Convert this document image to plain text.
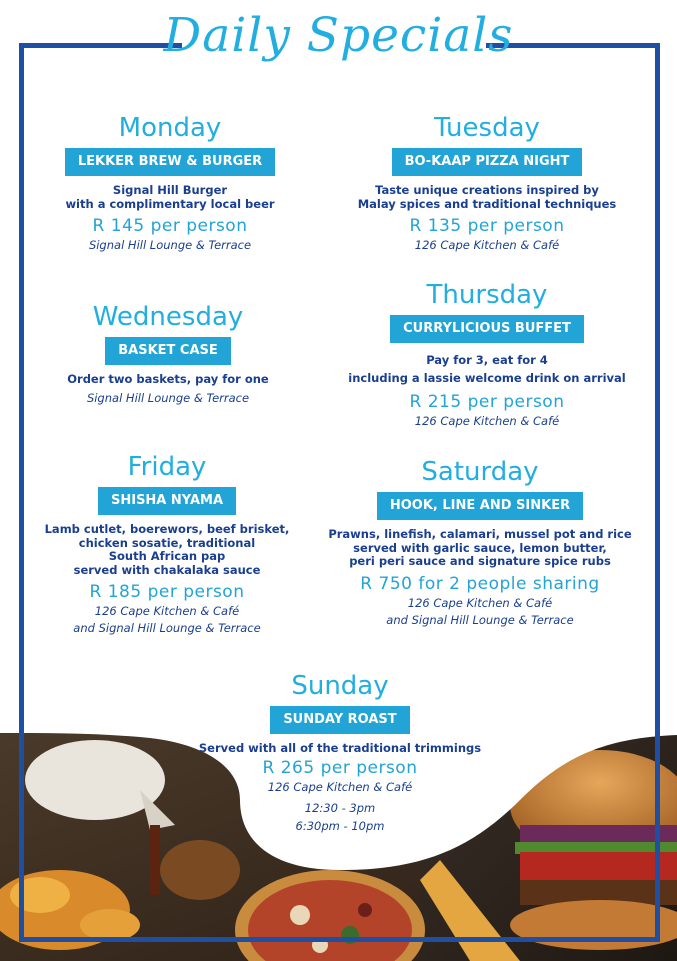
Daily Specials
Monday
LEKKER BREW & BURGER
Signal Hill Burger
with a complimentary local beer
R 145 per person
Signal Hill Lounge & Terrace
Tuesday
BO-KAAP PIZZA NIGHT
Taste unique creations inspired by
Malay spices and traditional techniques
R 135 per person
126 Cape Kitchen & Café
Wednesday
BASKET CASE
Order two baskets, pay for one
Signal Hill Lounge & Terrace
Thursday
CURRYLICIOUS BUFFET
Pay for 3, eat for 4
including a lassie welcome drink on arrival
R 215 per person
126 Cape Kitchen & Café
Friday
SHISHA NYAMA
Lamb cutlet, boerewors, beef brisket,
chicken sosatie, traditional
South African pap
served with chakalaka sauce
R 185 per person
126 Cape Kitchen & Café
and Signal Hill Lounge & Terrace
Saturday
HOOK, LINE AND SINKER
Prawns, linefish, calamari, mussel pot and rice
served with garlic sauce, lemon butter,
peri peri sauce and signature spice rubs
R 750 for 2 people sharing
126 Cape Kitchen & Café
and Signal Hill Lounge & Terrace
Sunday
SUNDAY ROAST
Served with all of the traditional trimmings
R 265 per person
126 Cape Kitchen & Café
12:30 - 3pm
6:30pm - 10pm
